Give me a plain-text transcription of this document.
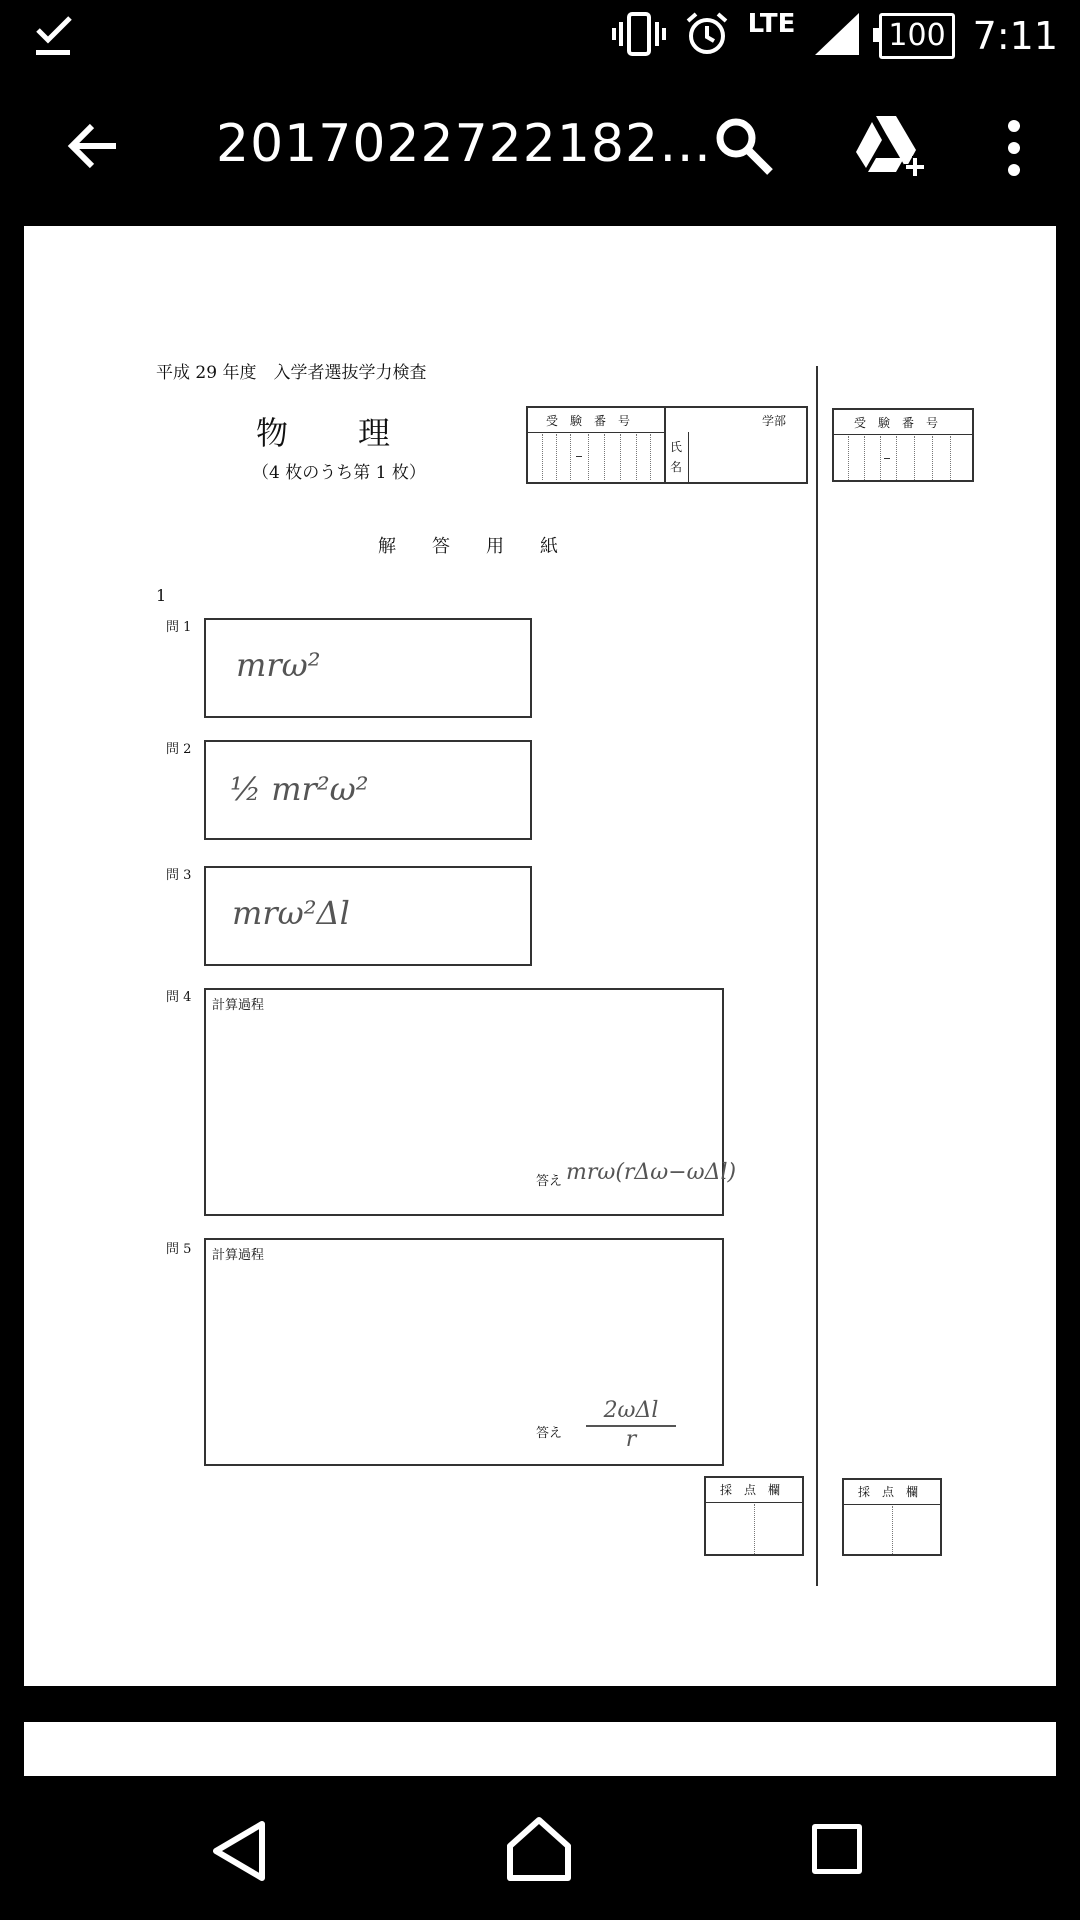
LTE	100 7:11
2017022722182…
平成 29 年度　入学者選抜学力検査
物　　理
（4 枚のうち第 1 枚）
受　験　番　号	学部
氏
名
受　験　番　号
解　　答　　用　　紙
1
問 1
mrω²
問 2
½ mr²ω²
問 3
mrω²Δl
問 4
計算過程
答え mrω(rΔω−ωΔl)
問 5 計算過程
答え
2ωΔl
r
採　点　欄	採　点　欄
